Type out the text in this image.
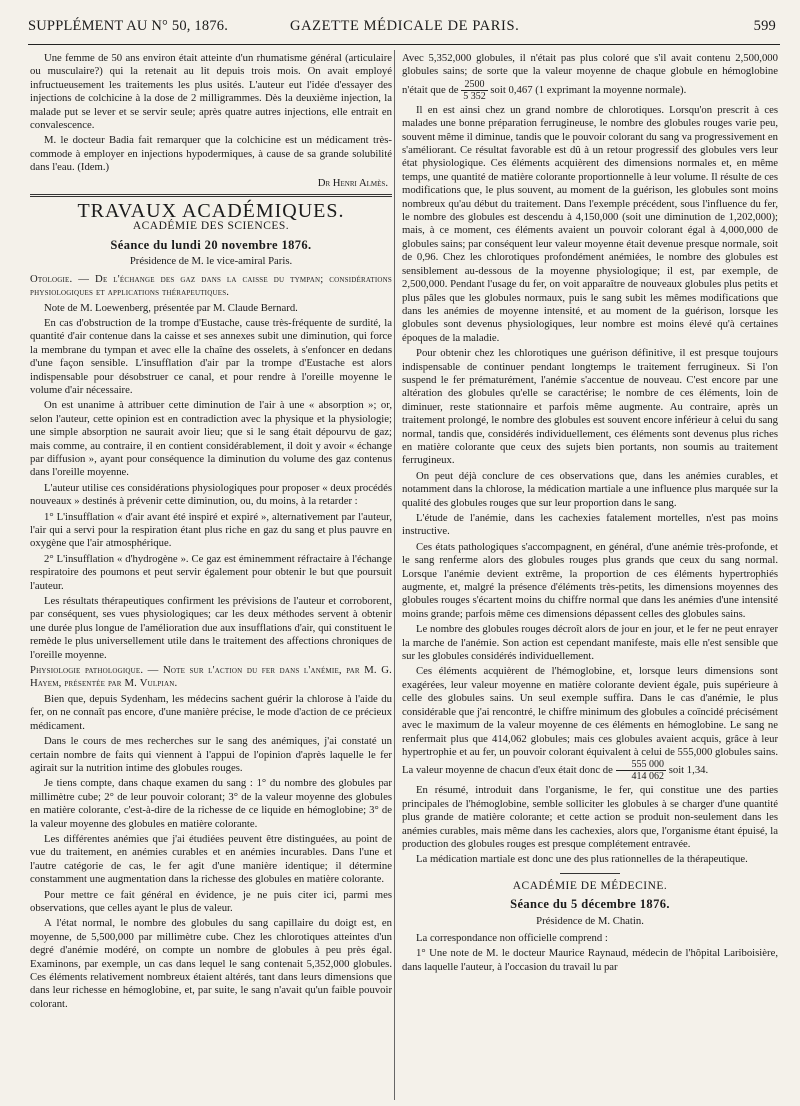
SUPPLÉMENT AU N° 50, 1876.	GAZETTE MÉDICALE DE PARIS.	599

Une femme de 50 ans environ était atteinte d'un rhumatisme général (articulaire ou musculaire?) qui la retenait au lit depuis trois mois. On avait employé infructueusement les traitements les plus usités. L'auteur eut l'idée d'essayer des injections de colchicine à la dose de 2 milligrammes. Dès la deuxième injection, la malade put se lever et se servir seule; après quatre autres injections, elle entrait en convalescence.

M. le docteur Badia fait remarquer que la colchicine est un médicament très-commode à employer en injections hypodermiques, à cause de sa grande solubilité dans l'eau. (Idem.)

Dr Henri Almès.
TRAVAUX ACADÉMIQUES.
ACADÉMIE DES SCIENCES.
Séance du lundi 20 novembre 1876.
Présidence de M. le vice-amiral Paris.

Otologie. — De l'échange des gaz dans la caisse du tympan; considérations physiologiques et applications thérapeutiques.

Note de M. Loewenberg, présentée par M. Claude Bernard.

En cas d'obstruction de la trompe d'Eustache, cause très-fréquente de surdité, la quantité d'air contenue dans la caisse et ses annexes subit une diminution, qui force la membrane du tympan et avec elle la chaîne des osselets, à s'enfoncer en dedans d'une façon sensible. L'insufflation d'air par la trompe d'Eustache est alors indispensable pour désobstruer ce canal, et pour rendre à l'oreille moyenne le volume d'air nécessaire.

On est unanime à attribuer cette diminution de l'air à une « absorption »; or, selon l'auteur, cette opinion est en contradiction avec la physique et la physiologie; une simple absorption ne saurait avoir lieu; que si le sang était dépourvu de gaz; mais comme, au contraire, il en contient considérablement, il doit y avoir « échange par diffusion », ayant pour conséquence la diminution du volume des gaz contenus dans l'oreille moyenne.

L'auteur utilise ces considérations physiologiques pour proposer « deux procédés nouveaux » destinés à prévenir cette diminution, ou, du moins, à la retarder :

1° L'insufflation « d'air avant été inspiré et expiré », alternativement par l'auteur, l'air qui a servi pour la respiration étant plus riche en gaz du sang et plus pauvre en oxygène que l'air atmosphérique.

2° L'insufflation « d'hydrogène ». Ce gaz est éminemment réfractaire à l'échange respiratoire des poumons et peut servir également pour obtenir le but que poursuit l'auteur.

Les résultats thérapeutiques confirment les prévisions de l'auteur et corroborent, par conséquent, ses vues physiologiques; car les deux méthodes servent à obtenir une durée plus longue de l'amélioration due aux insufflations d'air, qui constituent le remède le plus universellement utile dans le traitement des affections chroniques de l'oreille moyenne.

Physiologie pathologique. — Note sur l'action du fer dans l'anémie, par M. G. Hayem, présentée par M. Vulpian.

Bien que, depuis Sydenham, les médecins sachent guérir la chlorose à l'aide du fer, on ne connaît pas encore, d'une manière précise, le mode d'action de ce précieux médicament.

Dans le cours de mes recherches sur le sang des anémiques, j'ai constaté un certain nombre de faits qui viennent à l'appui de l'opinion d'après laquelle le fer agirait sur la nutrition intime des globules rouges.

Je tiens compte, dans chaque examen du sang : 1° du nombre des globules par millimètre cube; 2° de leur pouvoir colorant; 3° de la valeur moyenne des globules en matière colorante, c'est-à-dire de la richesse de ce liquide en hémoglobine; 3° de la valeur moyenne des globules en matière colorante.

Les différentes anémies que j'ai étudiées peuvent être distinguées, au point de vue du traitement, en anémies curables et en anémies incurables. Dans l'une et l'autre catégorie de cas, le fer agit d'une manière identique; il détermine constamment une augmentation dans la richesse des globules en matière colorante.

Pour mettre ce fait général en évidence, je ne puis citer ici, parmi mes observations, que celles ayant le plus de valeur.

A l'état normal, le nombre des globules du sang capillaire du doigt est, en moyenne, de 5,500,000 par millimètre cube. Chez les chlorotiques atteintes d'un degré d'anémie modéré, on compte un nombre de globules à peu près égal. Examinons, par exemple, un cas dans lequel le sang contenait 5,352,000 globules. Ces éléments relativement nombreux étaient altérés, tant dans leurs dimensions que dans leur richesse en hémoglobine, et, par suite, le sang n'avait qu'un faible pouvoir colorant.

Avec 5,352,000 globules, il n'était pas plus coloré que s'il avait contenu 2,500,000 globules sains; de sorte que la valeur moyenne de chaque globule en hémoglobine n'était que de $\frac{2500}{5 352}$ soit 0,467 (1 exprimant la moyenne normale).

Il en est ainsi chez un grand nombre de chlorotiques. Lorsqu'on prescrit à ces malades une bonne préparation ferrugineuse, le nombre des globules rouges varie peu, souvent même il diminue, tandis que le pouvoir colorant du sang va progressivement en s'améliorant. Ce résultat favorable est dû à un retour progressif des globules vers leur état physiologique. Ces éléments acquièrent des dimensions normales et, en même temps, une quantité de matière colorante proportionnelle à leur volume. Il résulte de ces modifications que, le plus souvent, au moment de la guérison, les globules sont moins nombreux qu'au début du traitement. Dans l'exemple précédent, sous l'influence du fer, le nombre des globules est descendu à 4,150,000 (soit une diminution de 1,202,000); mais, à ce moment, ces éléments avaient un pouvoir colorant égal à 4,000,000 de globules sains; par conséquent leur valeur moyenne était devenue presque normale, soit de 0,96. Chez les chlorotiques profondément anémiées, le nombre des globules est sensiblement au-dessous de la moyenne physiologique; il est, par exemple, de 2,500,000. Pendant l'usage du fer, on voit apparaître de nouveaux globules plus petits et plus pâles que les globules normaux, puis le sang subit les mêmes modifications que dans les anémies de moyenne intensité, et au moment de la guérison, lorsque les globules sont devenus physiologiques, leur nombre est moins élevé qu'à certaines époques de la maladie.

Pour obtenir chez les chlorotiques une guérison définitive, il est presque toujours indispensable de continuer pendant longtemps le traitement ferrugineux. Si l'on suspend le fer prématurément, l'anémie s'accentue de nouveau. C'est encore par une altération des globules qu'elle se caractérise; le nombre de ces éléments, loin de diminuer, reste stationnaire et parfois même augmente. Au contraire, après un traitement prolongé, le nombre des globules est souvent encore inférieur à celui du sang normal, tandis que, considérés individuellement, ces éléments sont devenus plus riches en matière colorante que ceux des sujets bien portants, non soumis au traitement ferrugineux.

On peut déjà conclure de ces observations que, dans les anémies curables, et notamment dans la chlorose, la médication martiale a une influence plus marquée sur la qualité des globules rouges que sur leur proportion dans le sang.

L'étude de l'anémie, dans les cachexies fatalement mortelles, n'est pas moins instructive.

Ces états pathologiques s'accompagnent, en général, d'une anémie très-profonde, et le sang renferme alors des globules rouges plus grands que ceux du sang normal. Lorsque l'anémie devient extrême, la proportion de ces éléments hypertrophiés augmente, et, malgré la présence d'éléments très-petits, les dimensions moyennes des globules rouges s'écartent moins du chiffre normal que dans les anémies d'une intensité moins grande; parfois même ces dimensions dépassent celles des globules sains.

Le nombre des globules rouges décroît alors de jour en jour, et le fer ne peut enrayer la marche de l'anémie. Son action est cependant manifeste, mais elle n'est sensible que sur les globules considérés individuellement.

Ces éléments acquièrent de l'hémoglobine, et, lorsque leurs dimensions sont exagérées, leur valeur moyenne en matière colorante devient égale, puis supérieure à celle des globules sains. Un seul exemple suffira. Dans le cas d'anémie, le plus considérable que j'ai rencontré, le chiffre minimum des globules a coïncidé précisément avec le maximum de la valeur moyenne de ces éléments en hémoglobine. Le sang ne renfermait plus que 414,062 globules; mais ces globules avaient acquis, grâce à leur hypertrophie et au fer, un pouvoir colorant équivalent à celui de 555,000 globules sains. La valeur moyenne de chacun d'eux était donc de $\frac{555 000}{414 062}$ soit 1,34.

En résumé, introduit dans l'organisme, le fer, qui constitue une des parties principales de l'hémoglobine, semble solliciter les globules à se charger d'une quantité plus grande de matière colorante; et cette action se produit non-seulement dans les anémies curables, mais même dans les cachexies, alors que, l'organisme étant épuisé, la production des globules rouges est presque complétement entravée.

La médication martiale est donc une des plus rationnelles de la thérapeutique.

ACADÉMIE DE MÉDECINE.
Séance du 5 décembre 1876.
Présidence de M. Chatin.

La correspondance non officielle comprend :

1° Une note de M. le docteur Maurice Raynaud, médecin de l'hôpital Lariboisière, dans laquelle l'auteur, à l'occasion du travail lu par
